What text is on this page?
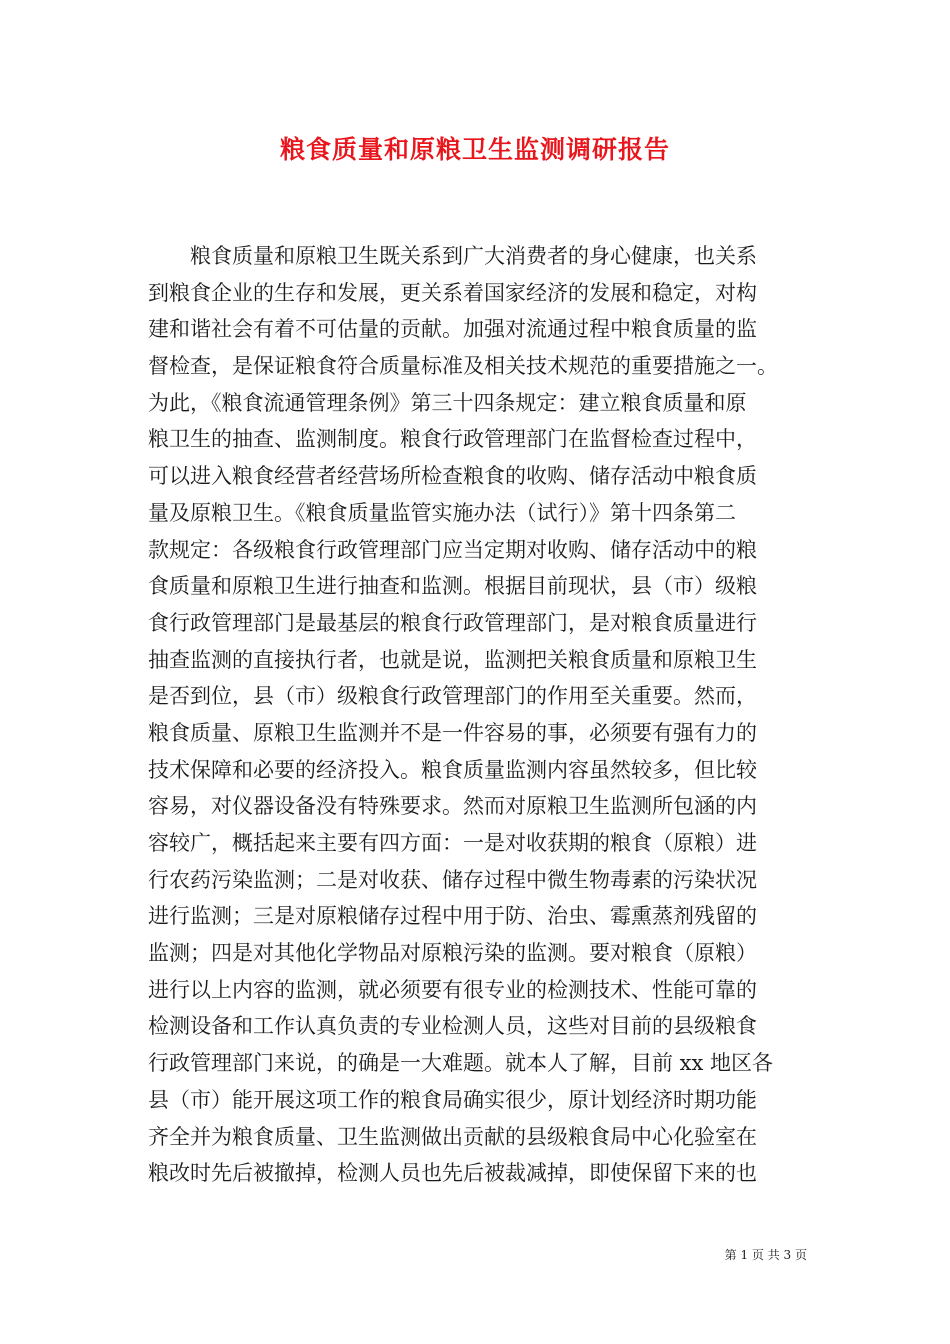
粮食质量和原粮卫生监测调研报告
粮食质量和原粮卫生既关系到广大消费者的身心健康，也关系
到粮食企业的生存和发展，更关系着国家经济的发展和稳定，对构
建和谐社会有着不可估量的贡献。加强对流通过程中粮食质量的监
督检查，是保证粮食符合质量标准及相关技术规范的重要措施之一。
为此，《粮食流通管理条例》第三十四条规定：建立粮食质量和原
粮卫生的抽查、监测制度。粮食行政管理部门在监督检查过程中，
可以进入粮食经营者经营场所检查粮食的收购、储存活动中粮食质
量及原粮卫生。《粮食质量监管实施办法（试行）》第十四条第二
款规定：各级粮食行政管理部门应当定期对收购、储存活动中的粮
食质量和原粮卫生进行抽查和监测。根据目前现状，县（市）级粮
食行政管理部门是最基层的粮食行政管理部门，是对粮食质量进行
抽查监测的直接执行者，也就是说，监测把关粮食质量和原粮卫生
是否到位，县（市）级粮食行政管理部门的作用至关重要。然而，
粮食质量、原粮卫生监测并不是一件容易的事，必须要有强有力的
技术保障和必要的经济投入。粮食质量监测内容虽然较多，但比较
容易，对仪器设备没有特殊要求。然而对原粮卫生监测所包涵的内
容较广，概括起来主要有四方面：一是对收获期的粮食（原粮）进
行农药污染监测；二是对收获、储存过程中微生物毒素的污染状况
进行监测；三是对原粮储存过程中用于防、治虫、霉熏蒸剂残留的
监测；四是对其他化学物品对原粮污染的监测。要对粮食（原粮）
进行以上内容的监测，就必须要有很专业的检测技术、性能可靠的
检测设备和工作认真负责的专业检测人员，这些对目前的县级粮食
行政管理部门来说，的确是一大难题。就本人了解，目前 xx 地区各
县（市）能开展这项工作的粮食局确实很少，原计划经济时期功能
齐全并为粮食质量、卫生监测做出贡献的县级粮食局中心化验室在
粮改时先后被撤掉，检测人员也先后被裁减掉，即使保留下来的也
第 1 页 共 3 页
